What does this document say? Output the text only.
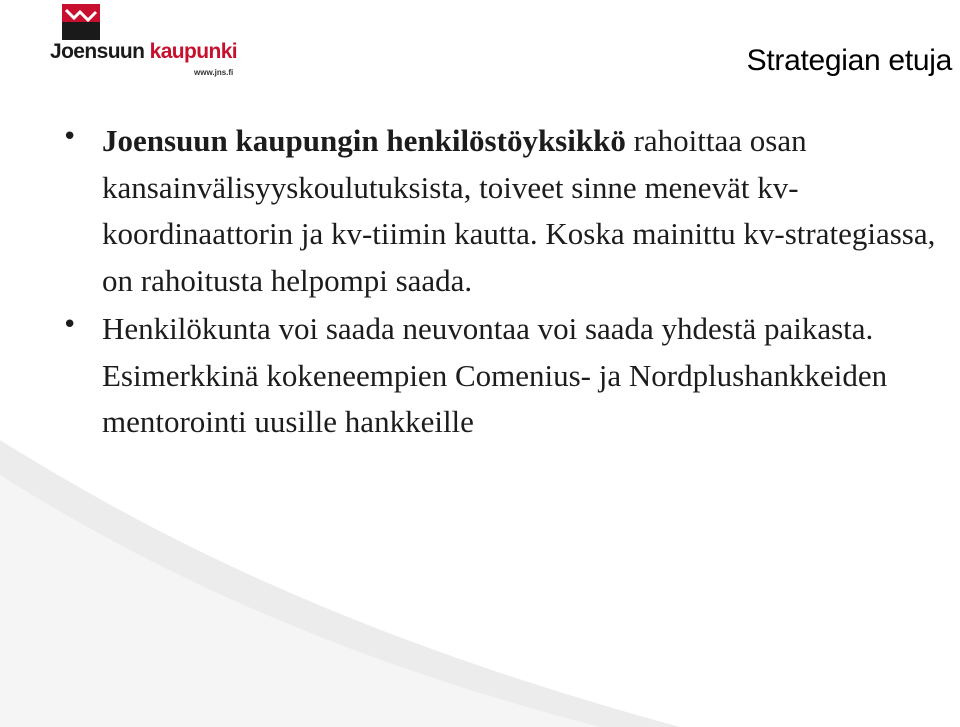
Joensuun kaupunki
www.jns.fi	Strategian etuja
• Joensuun kaupungin henkilöstöyksikkö rahoittaa osan kansainvälisyyskoulutuksista, toiveet sinne menevät kv-koordinaattorin ja kv-tiimin kautta. Koska mainittu kv-strategiassa, on rahoitusta helpompi saada.
• Henkilökunta voi saada neuvontaa voi saada yhdestä paikasta. Esimerkkinä kokeneempien Comenius- ja Nordplushankkeiden mentorointi uusille hankkeille
